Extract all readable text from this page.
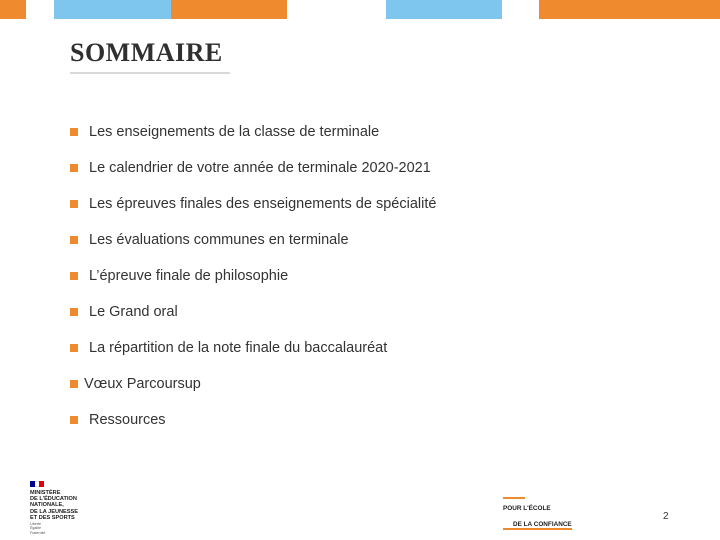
SOMMAIRE
Les enseignements de la classe de terminale
Le calendrier de votre année de terminale 2020-2021
Les épreuves finales des enseignements de spécialité
Les évaluations communes en terminale
L’épreuve finale de philosophie
Le Grand oral
La répartition de la note finale du baccalauréat
Vœux Parcoursup
Ressources
MINISTÈRE
DE L'ÉDUCATION
NATIONALE,
DE LA JEUNESSE
ET DES SPORTS
Liberté
Égalité
Fraternité
POUR L'ÉCOLE
DE LA CONFIANCE
2
